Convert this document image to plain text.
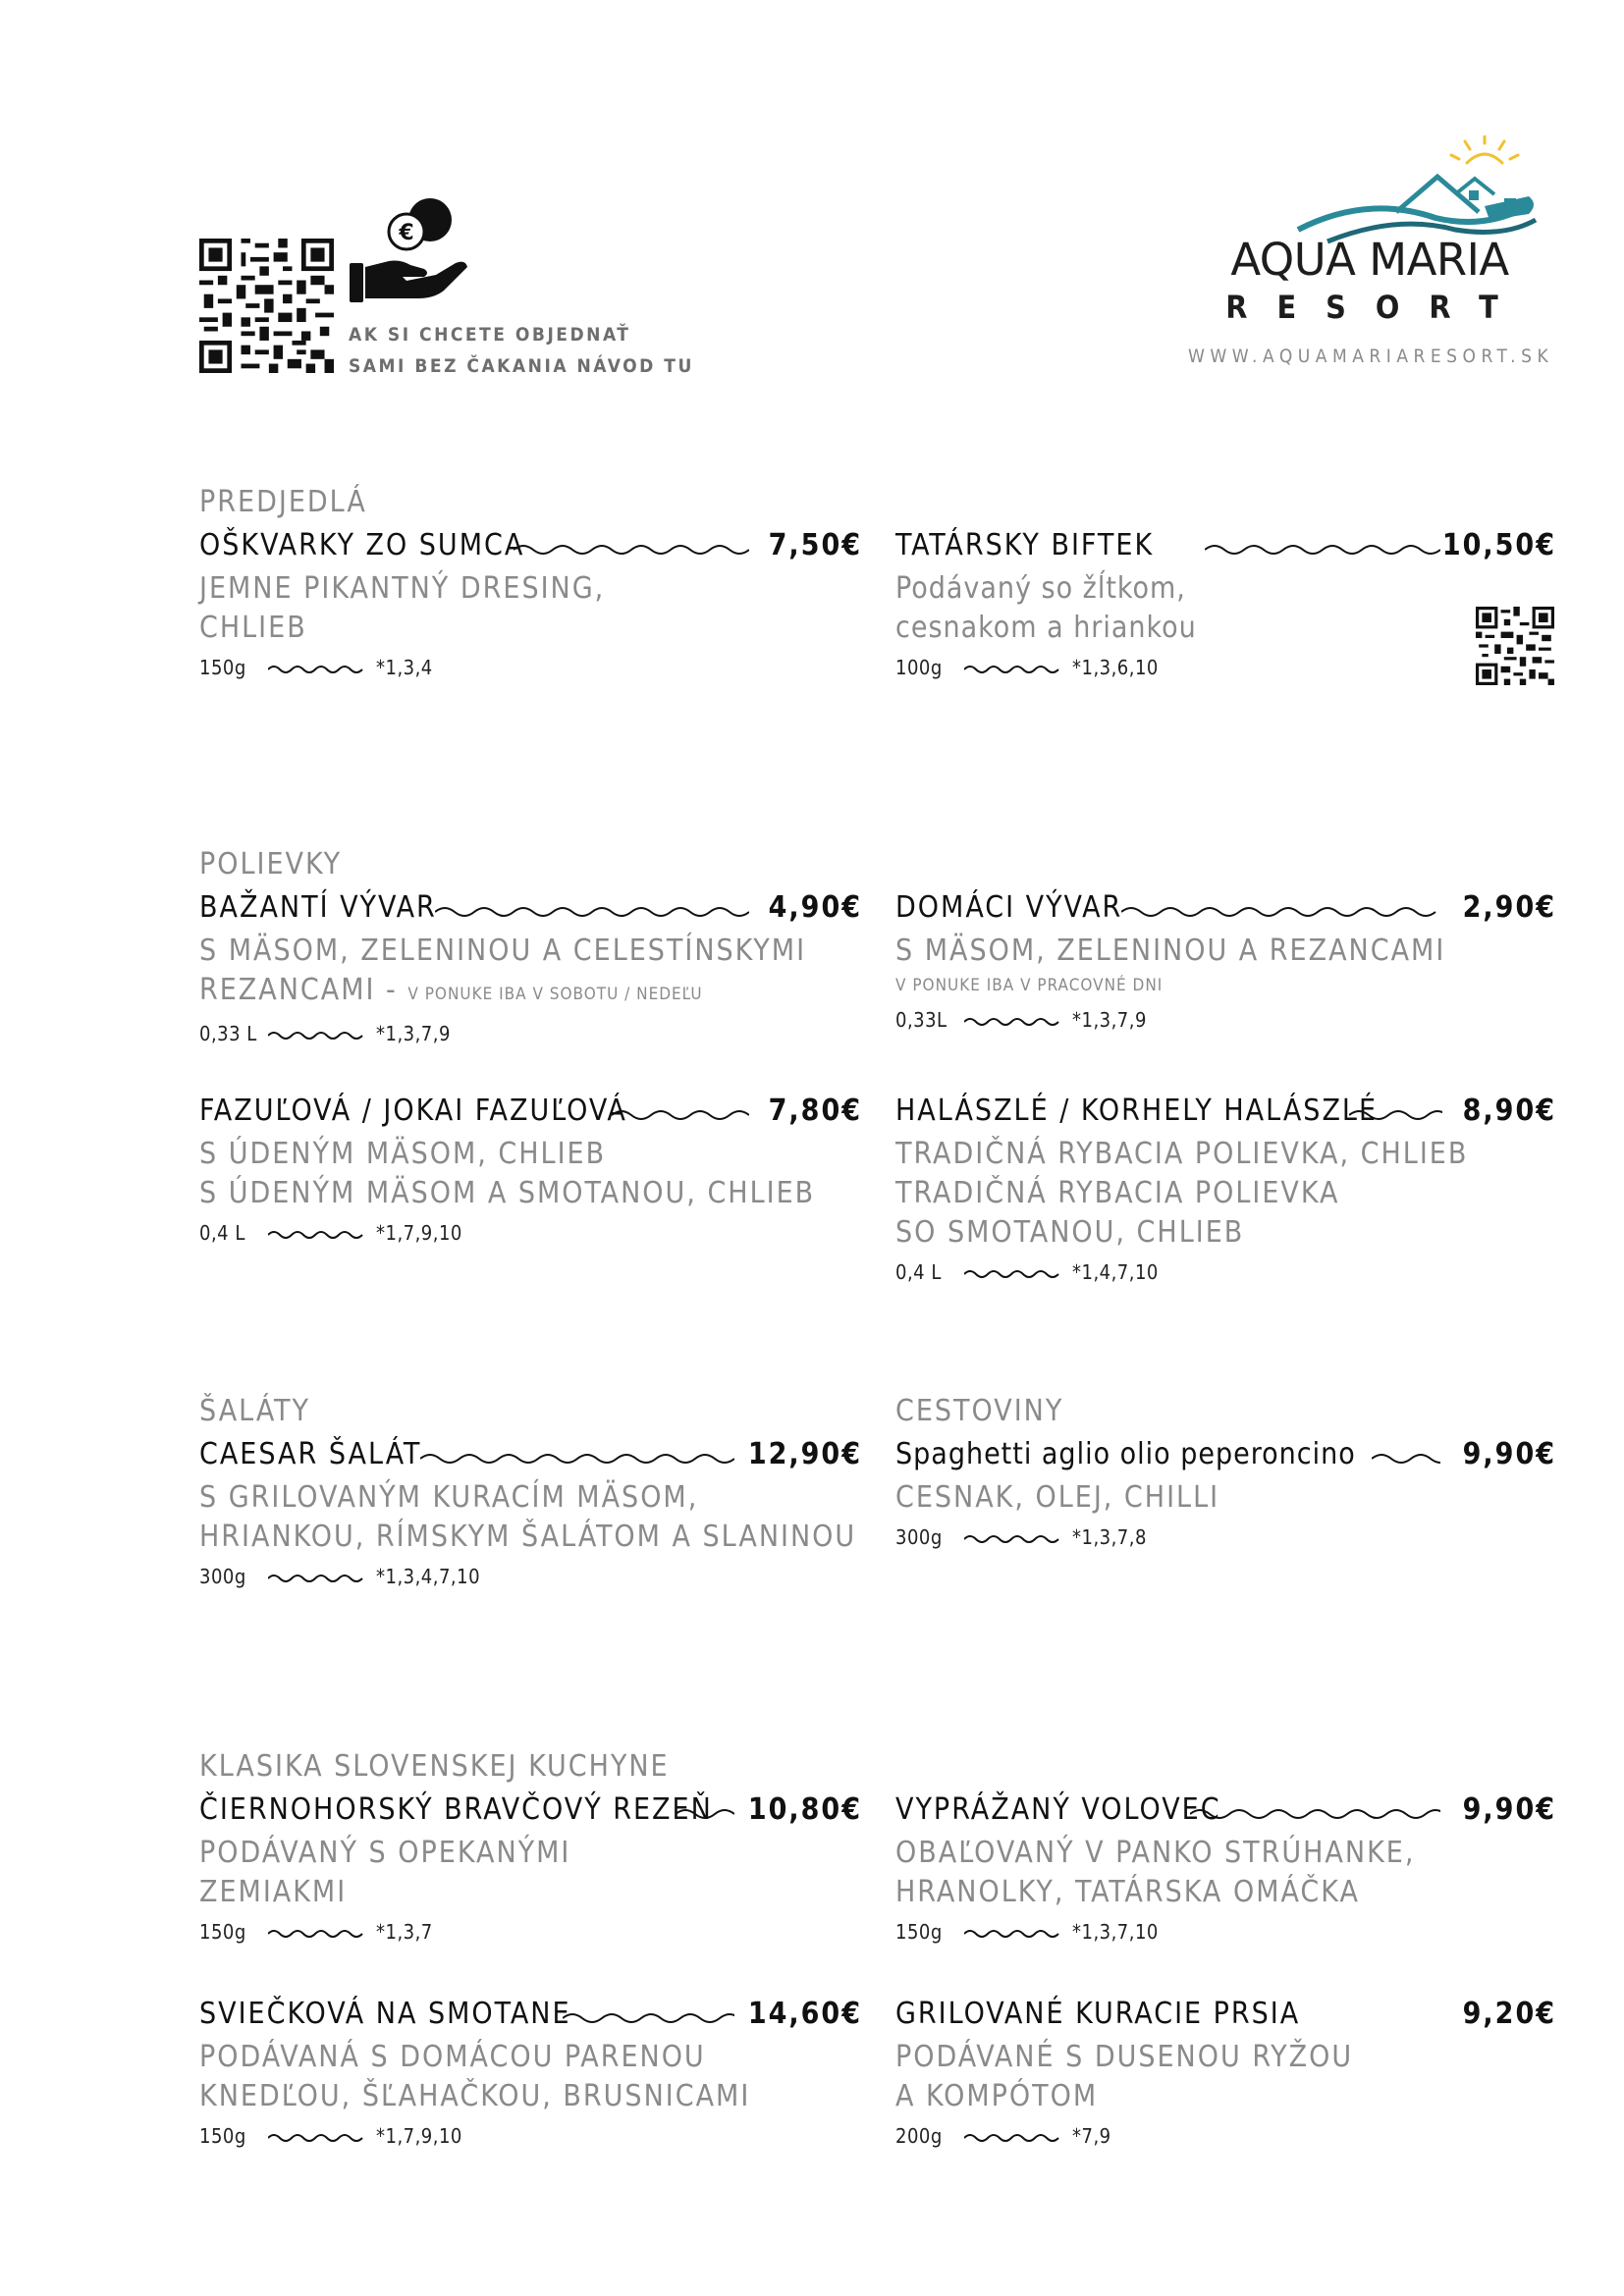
€
AK SI CHCETE OBJEDNAŤ
SAMI BEZ ČAKANIA NÁVOD TU
AQUA MARIA
RESORT
WWW.AQUAMARIARESORT.SK
PREDJEDLÁ
OŠKVARKY ZO SUMCA	7,50€
JEMNE PIKANTNÝ DRESING,
CHLIEB
150g	*1,3,4
TATÁRSKY BIFTEK	10,50€
Podávaný so žĺtkom,
cesnakom a hriankou
100g	*1,3,6,10
POLIEVKY
BAŽANTÍ VÝVAR	4,90€
S MÄSOM, ZELENINOU A CELESTÍNSKYMI
REZANCAMI - V PONUKE IBA V SOBOTU / NEDEĽU
0,33 L	*1,3,7,9
DOMÁCI VÝVAR	2,90€
S MÄSOM, ZELENINOU A REZANCAMI
V PONUKE IBA V PRACOVNÉ DNI
0,33L	*1,3,7,9
FAZUĽOVÁ / JOKAI FAZUĽOVÁ	7,80€
S ÚDENÝM MÄSOM, CHLIEB
S ÚDENÝM MÄSOM A SMOTANOU, CHLIEB
0,4 L	*1,7,9,10
HALÁSZLÉ / KORHELY HALÁSZLÉ	8,90€
TRADIČNÁ RYBACIA POLIEVKA, CHLIEB
TRADIČNÁ RYBACIA POLIEVKA
SO SMOTANOU, CHLIEB
0,4 L	*1,4,7,10
ŠALÁTY	CESTOVINY
CAESAR ŠALÁT	12,90€
S GRILOVANÝM KURACÍM MÄSOM,
HRIANKOU, RÍMSKYM ŠALÁTOM A SLANINOU
300g	*1,3,4,7,10
Spaghetti aglio olio peperoncino	9,90€
CESNAK, OLEJ, CHILLI
300g	*1,3,7,8
KLASIKA SLOVENSKEJ KUCHYNE
ČIERNOHORSKÝ BRAVČOVÝ REZEŇ 10,80€
PODÁVANÝ S OPEKANÝMI
ZEMIAKMI
150g	*1,3,7
VYPRÁŽANÝ VOLOVEC	9,90€
OBAĽOVANÝ V PANKO STRÚHANKE,
HRANOLKY, TATÁRSKA OMÁČKA
150g	*1,3,7,10
SVIEČKOVÁ NA SMOTANE	14,60€
PODÁVANÁ S DOMÁCOU PARENOU
KNEDĽOU, ŠĽAHAČKOU, BRUSNICAMI
150g	*1,7,9,10
GRILOVANÉ KURACIE PRSIA	9,20€
PODÁVANÉ S DUSENOU RYŽOU
A KOMPÓTOM
200g	*7,9
